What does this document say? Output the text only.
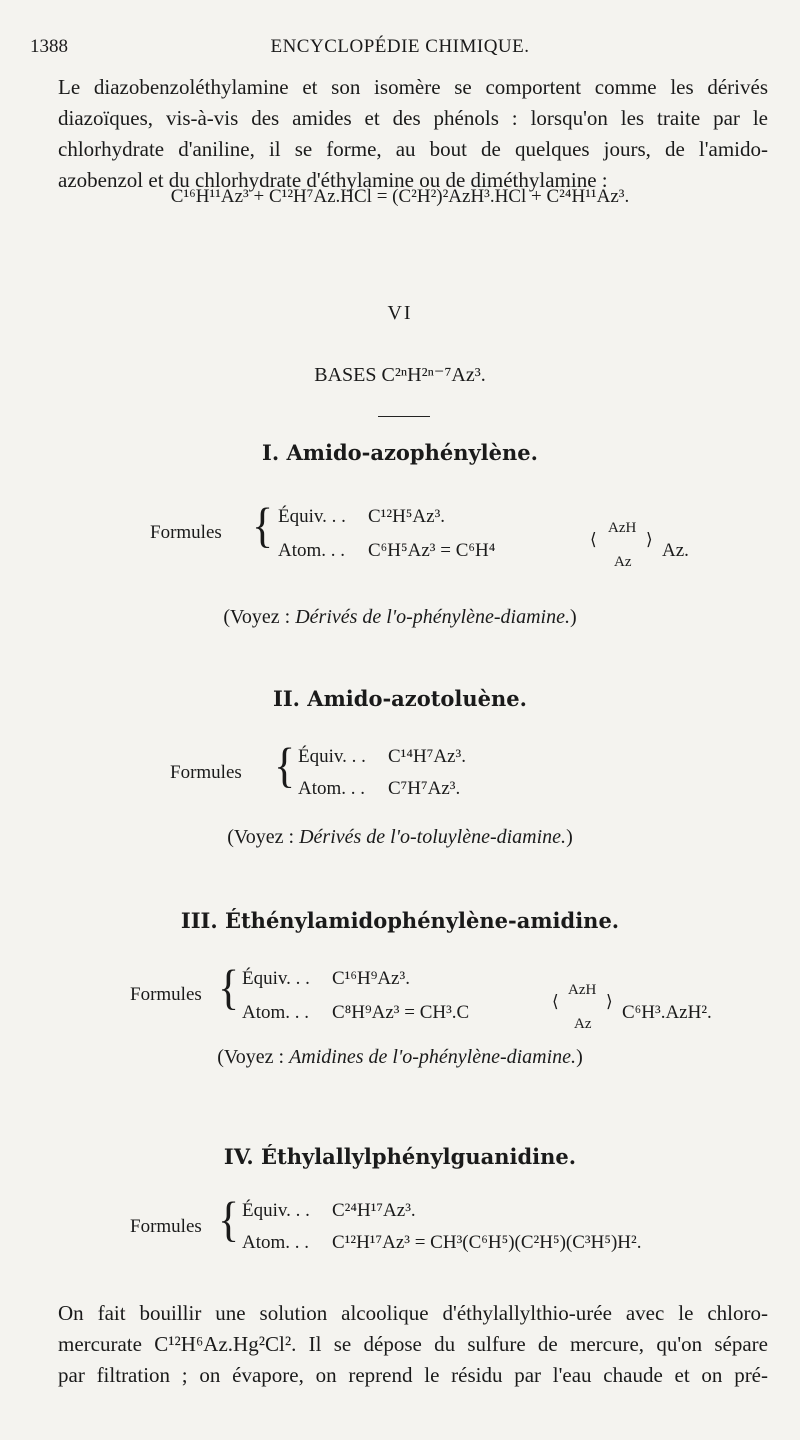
1388	ENCYCLOPÉDIE CHIMIQUE.
Le diazobenzoléthylamine et son isomère se comportent comme les dérivés
diazoïques, vis-à-vis des amides et des phénols : lorsqu'on les traite par le
chlorhydrate d'aniline, il se forme, au bout de quelques jours, de l'amido-
azobenzol et du chlorhydrate d'éthylamine ou de diméthylamine :
C¹⁶H¹¹Az³ + C¹²H⁷Az.HCl = (C²H²)²AzH³.HCl + C²⁴H¹¹Az³.
VI
BASES C²ⁿH²ⁿ⁻⁷Az³.
I. Amido-azophénylène.
Formules { Équiv. . . C¹²H⁵Az³.
Atom. . . C⁶H⁵Az³ = C⁶H⁴
⟨
AzH
Az
⟩
Az.
(Voyez : Dérivés de l'o-phénylène-diamine.)
II. Amido-azotoluène.
Formules { Équiv. . . C¹⁴H⁷Az³.
Atom. . . C⁷H⁷Az³.
(Voyez : Dérivés de l'o-toluylène-diamine.)
III. Éthénylamidophénylène-amidine.
Formules { Équiv. . . C¹⁶H⁹Az³.
Atom. . . C⁸H⁹Az³ = CH³.C
⟨
AzH
Az
⟩
C⁶H³.AzH².
(Voyez : Amidines de l'o-phénylène-diamine.)
IV. Éthylallylphénylguanidine.
Formules { Équiv. . . C²⁴H¹⁷Az³.
Atom. . . C¹²H¹⁷Az³ = CH³(C⁶H⁵)(C²H⁵)(C³H⁵)H².
On fait bouillir une solution alcoolique d'éthylallylthio-urée avec le chloro-
mercurate C¹²H⁶Az.Hg²Cl². Il se dépose du sulfure de mercure, qu'on sépare
par filtration ; on évapore, on reprend le résidu par l'eau chaude et on pré-
